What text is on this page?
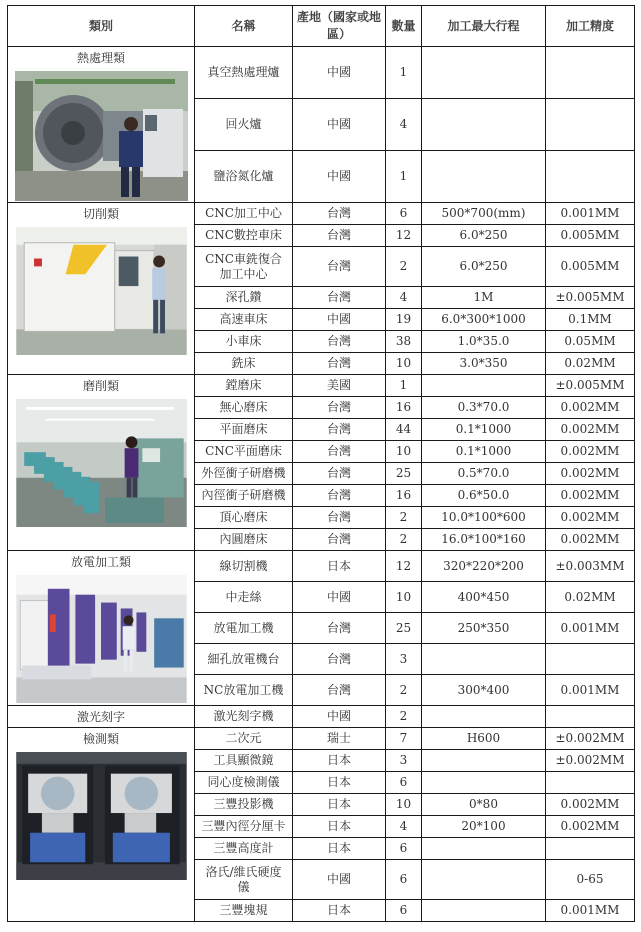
類別	名稱	產地（國家或地區）	數量	加工最大行程	加工精度

熱處理類	真空熱處理爐	中國	1		
	回火爐	中國	4		
	鹽浴氮化爐	中國	1		

切削類	CNC加工中心	台灣	6	500*700(mm)	0.001MM
	CNC數控車床	台灣	12	6.0*250	0.005MM
	CNC車銑復合加工中心	台灣	2	6.0*250	0.005MM
	深孔鑽	台灣	4	1M	±0.005MM
	高速車床	中國	19	6.0*300*1000	0.1MM
	小車床	台灣	38	1.0*35.0	0.05MM
	銑床	台灣	10	3.0*350	0.02MM

磨削類	鏜磨床	美國	1		±0.005MM
	無心磨床	台灣	16	0.3*70.0	0.002MM
	平面磨床	台灣	44	0.1*1000	0.002MM
	CNC平面磨床	台灣	10	0.1*1000	0.002MM
	外徑衝子研磨機	台灣	25	0.5*70.0	0.002MM
	內徑衝子研磨機	台灣	16	0.6*50.0	0.002MM
	頂心磨床	台灣	2	10.0*100*600	0.002MM
	內圓磨床	台灣	2	16.0*100*160	0.002MM

放電加工類	線切割機	日本	12	320*220*200	±0.003MM
	中走絲	中國	10	400*450	0.02MM
	放電加工機	台灣	25	250*350	0.001MM
	細孔放電機台	台灣	3		
	NC放電加工機	台灣	2	300*400	0.001MM

激光刻字	激光刻字機	中國	2		

檢測類	二次元	瑞士	7	H600	±0.002MM
	工具顯微鏡	日本	3		±0.002MM
	同心度檢測儀	日本	6		
	三豐投影機	日本	10	0*80	0.002MM
	三豐內徑分厘卡	日本	4	20*100	0.002MM
	三豐高度計	日本	6		
	洛氏/維氏硬度儀	中國	6		0-65
	三豐塊規	日本	6		0.001MM
